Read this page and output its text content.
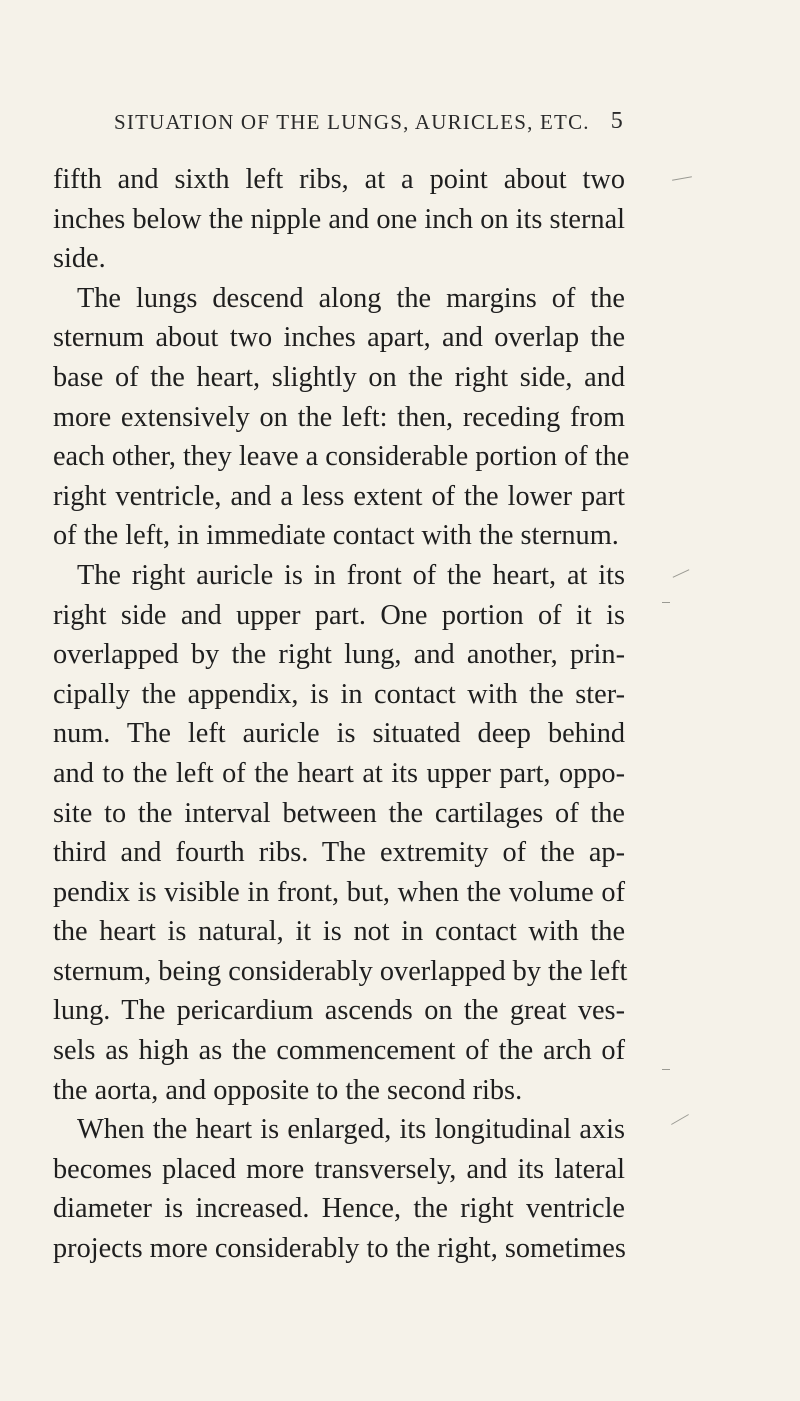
SITUATION OF THE LUNGS, AURICLES, ETC. 5
fifth and sixth left ribs, at a point about two
inches below the nipple and one inch on its sternal
side.
The lungs descend along the margins of the
sternum about two inches apart, and overlap the
base of the heart, slightly on the right side, and
more extensively on the left: then, receding from
each other, they leave a considerable portion of the
right ventricle, and a less extent of the lower part
of the left, in immediate contact with the sternum.
The right auricle is in front of the heart, at its
right side and upper part. One portion of it is
overlapped by the right lung, and another, prin-
cipally the appendix, is in contact with the ster-
num. The left auricle is situated deep behind
and to the left of the heart at its upper part, oppo-
site to the interval between the cartilages of the
third and fourth ribs. The extremity of the ap-
pendix is visible in front, but, when the volume of
the heart is natural, it is not in contact with the
sternum, being considerably overlapped by the left
lung. The pericardium ascends on the great ves-
sels as high as the commencement of the arch of
the aorta, and opposite to the second ribs.
When the heart is enlarged, its longitudinal axis
becomes placed more transversely, and its lateral
diameter is increased. Hence, the right ventricle
projects more considerably to the right, sometimes
